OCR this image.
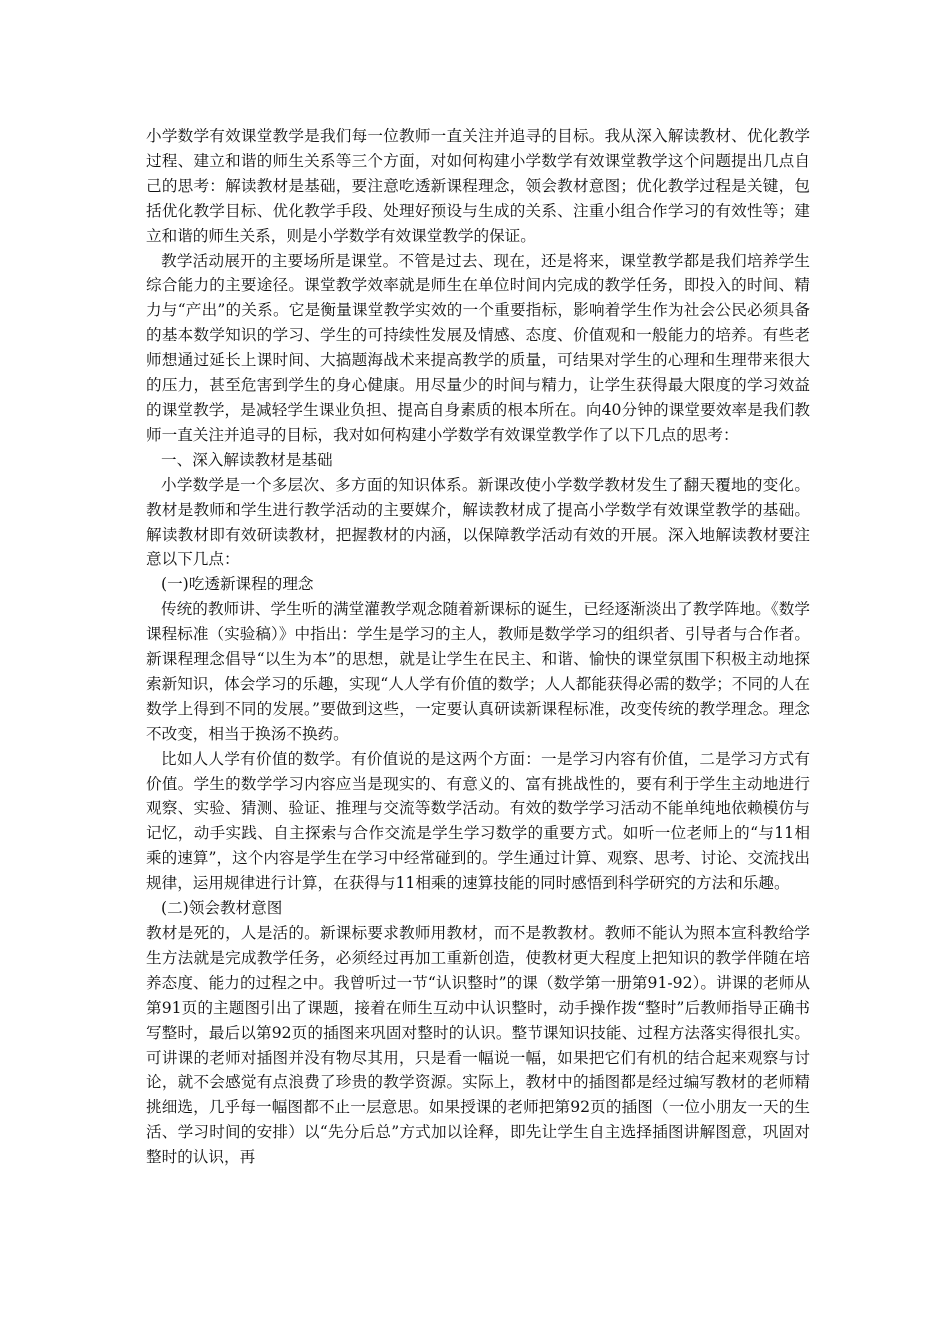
小学数学有效课堂教学是我们每一位教师一直关注并追寻的目标。我从深入解读教材、优化教学过程、建立和谐的师生关系等三个方面，对如何构建小学数学有效课堂教学这个问题提出几点自己的思考：解读教材是基础，要注意吃透新课程理念，领会教材意图；优化教学过程是关键，包括优化教学目标、优化教学手段、处理好预设与生成的关系、注重小组合作学习的有效性等；建立和谐的师生关系，则是小学数学有效课堂教学的保证。

教学活动展开的主要场所是课堂。不管是过去、现在，还是将来，课堂教学都是我们培养学生综合能力的主要途径。课堂教学效率就是师生在单位时间内完成的教学任务，即投入的时间、精力与“产出”的关系。它是衡量课堂教学实效的一个重要指标，影响着学生作为社会公民必须具备的基本数学知识的学习、学生的可持续性发展及情感、态度、价值观和一般能力的培养。有些老师想通过延长上课时间、大搞题海战术来提高教学的质量，可结果对学生的心理和生理带来很大的压力，甚至危害到学生的身心健康。用尽量少的时间与精力，让学生获得最大限度的学习效益的课堂教学，是减轻学生课业负担、提高自身素质的根本所在。向40分钟的课堂要效率是我们教师一直关注并追寻的目标，我对如何构建小学数学有效课堂教学作了以下几点的思考：

一、深入解读教材是基础

小学数学是一个多层次、多方面的知识体系。新课改使小学数学教材发生了翻天覆地的变化。教材是教师和学生进行教学活动的主要媒介，解读教材成了提高小学数学有效课堂教学的基础。解读教材即有效研读教材，把握教材的内涵，以保障教学活动有效的开展。深入地解读教材要注意以下几点：

(一)吃透新课程的理念

传统的教师讲、学生听的满堂灌教学观念随着新课标的诞生，已经逐渐淡出了教学阵地。《数学课程标准（实验稿）》中指出：学生是学习的主人，教师是数学学习的组织者、引导者与合作者。新课程理念倡导“以生为本”的思想，就是让学生在民主、和谐、愉快的课堂氛围下积极主动地探索新知识，体会学习的乐趣，实现“人人学有价值的数学；人人都能获得必需的数学；不同的人在数学上得到不同的发展。”要做到这些，一定要认真研读新课程标准，改变传统的教学理念。理念不改变，相当于换汤不换药。

比如人人学有价值的数学。有价值说的是这两个方面：一是学习内容有价值，二是学习方式有价值。学生的数学学习内容应当是现实的、有意义的、富有挑战性的，要有利于学生主动地进行观察、实验、猜测、验证、推理与交流等数学活动。有效的数学学习活动不能单纯地依赖模仿与记忆，动手实践、自主探索与合作交流是学生学习数学的重要方式。如听一位老师上的“与11相乘的速算”，这个内容是学生在学习中经常碰到的。学生通过计算、观察、思考、讨论、交流找出规律，运用规律进行计算，在获得与11相乘的速算技能的同时感悟到科学研究的方法和乐趣。

(二)领会教材意图

教材是死的，人是活的。新课标要求教师用教材，而不是教教材。教师不能认为照本宣科教给学生方法就是完成教学任务，必须经过再加工重新创造，使教材更大程度上把知识的教学伴随在培养态度、能力的过程之中。我曾听过一节“认识整时”的课（数学第一册第91-92）。讲课的老师从第91页的主题图引出了课题，接着在师生互动中认识整时，动手操作拨“整时”后教师指导正确书写整时，最后以第92页的插图来巩固对整时的认识。整节课知识技能、过程方法落实得很扎实。可讲课的老师对插图并没有物尽其用，只是看一幅说一幅，如果把它们有机的结合起来观察与讨论，就不会感觉有点浪费了珍贵的教学资源。实际上，教材中的插图都是经过编写教材的老师精挑细选，几乎每一幅图都不止一层意思。如果授课的老师把第92页的插图（一位小朋友一天的生活、学习时间的安排）以“先分后总”方式加以诠释，即先让学生自主选择插图讲解图意，巩固对整时的认识，再
